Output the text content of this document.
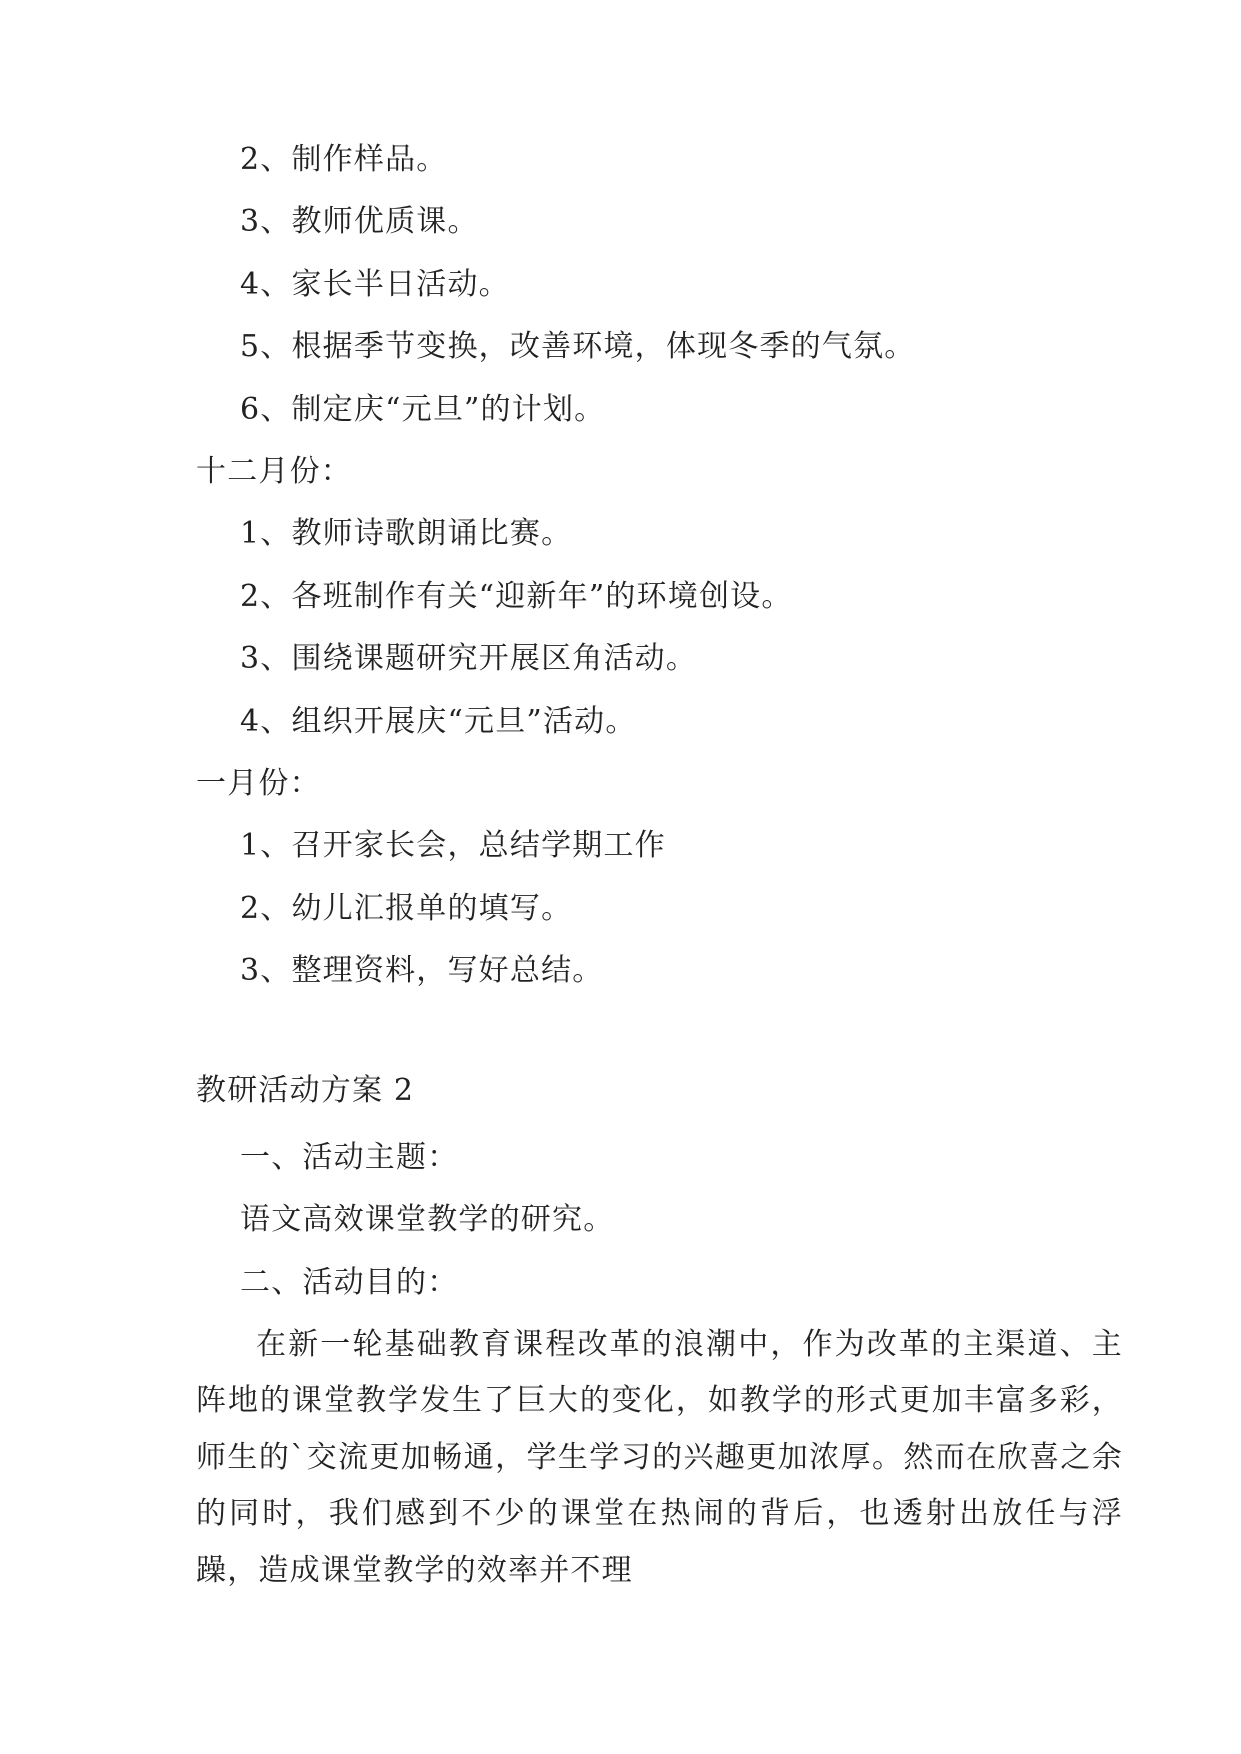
2、制作样品。
3、教师优质课。
4、家长半日活动。
5、根据季节变换，改善环境，体现冬季的气氛。
6、制定庆“元旦”的计划。
十二月份：
1、教师诗歌朗诵比赛。
2、各班制作有关“迎新年”的环境创设。
3、围绕课题研究开展区角活动。
4、组织开展庆“元旦”活动。
一月份：
1、召开家长会，总结学期工作
2、幼儿汇报单的填写。
3、整理资料，写好总结。
教研活动方案 2
一、活动主题：
语文高效课堂教学的研究。
二、活动目的：
在新一轮基础教育课程改革的浪潮中，作为改革的主渠道、主阵地的课堂教学发生了巨大的变化，如教学的形式更加丰富多彩，师生的`交流更加畅通，学生学习的兴趣更加浓厚。然而在欣喜之余的同时，我们感到不少的课堂在热闹的背后，也透射出放任与浮躁，造成课堂教学的效率并不理
